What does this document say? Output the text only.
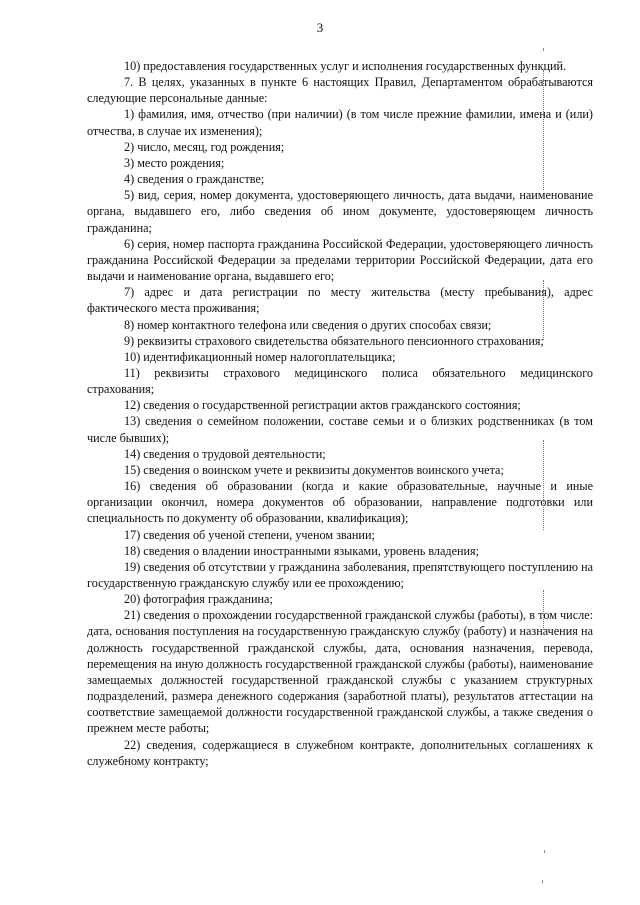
3

10) предоставления государственных услуг и исполнения государственных функций.

7. В целях, указанных в пункте 6 настоящих Правил, Департаментом обрабатываются следующие персональные данные:

1) фамилия, имя, отчество (при наличии) (в том числе прежние фамилии, имена и (или) отчества, в случае их изменения);

2) число, месяц, год рождения;

3) место рождения;

4) сведения о гражданстве;

5) вид, серия, номер документа, удостоверяющего личность, дата выдачи, наименование органа, выдавшего его, либо сведения об ином документе, удостоверяющем личность гражданина;

6) серия, номер паспорта гражданина Российской Федерации, удостоверяющего личность гражданина Российской Федерации за пределами территории Российской Федерации, дата его выдачи и наименование органа, выдавшего его;

7) адрес и дата регистрации по месту жительства (месту пребывания), адрес фактического места проживания;

8) номер контактного телефона или сведения о других способах связи;

9) реквизиты страхового свидетельства обязательного пенсионного страхования;

10) идентификационный номер налогоплательщика;

11) реквизиты страхового медицинского полиса обязательного медицинского страхования;

12) сведения о государственной регистрации актов гражданского состояния;

13) сведения о семейном положении, составе семьи и о близких родственниках (в том числе бывших);

14) сведения о трудовой деятельности;

15) сведения о воинском учете и реквизиты документов воинского учета;

16) сведения об образовании (когда и какие образовательные, научные и иные организации окончил, номера документов об образовании, направление подготовки или специальность по документу об образовании, квалификация);

17) сведения об ученой степени, ученом звании;

18) сведения о владении иностранными языками, уровень владения;

19) сведения об отсутствии у гражданина заболевания, препятствующего поступлению на государственную гражданскую службу или ее прохождению;

20) фотография гражданина;

21) сведения о прохождении государственной гражданской службы (работы), в том числе: дата, основания поступления на государственную гражданскую службу (работу) и назначения на должность государственной гражданской службы, дата, основания назначения, перевода, перемещения на иную должность государственной гражданской службы (работы), наименование замещаемых должностей государственной гражданской службы с указанием структурных подразделений, размера денежного содержания (заработной платы), результатов аттестации на соответствие замещаемой должности государственной гражданской службы, а также сведения о прежнем месте работы;

22) сведения, содержащиеся в служебном контракте, дополнительных соглашениях к служебному контракту;
